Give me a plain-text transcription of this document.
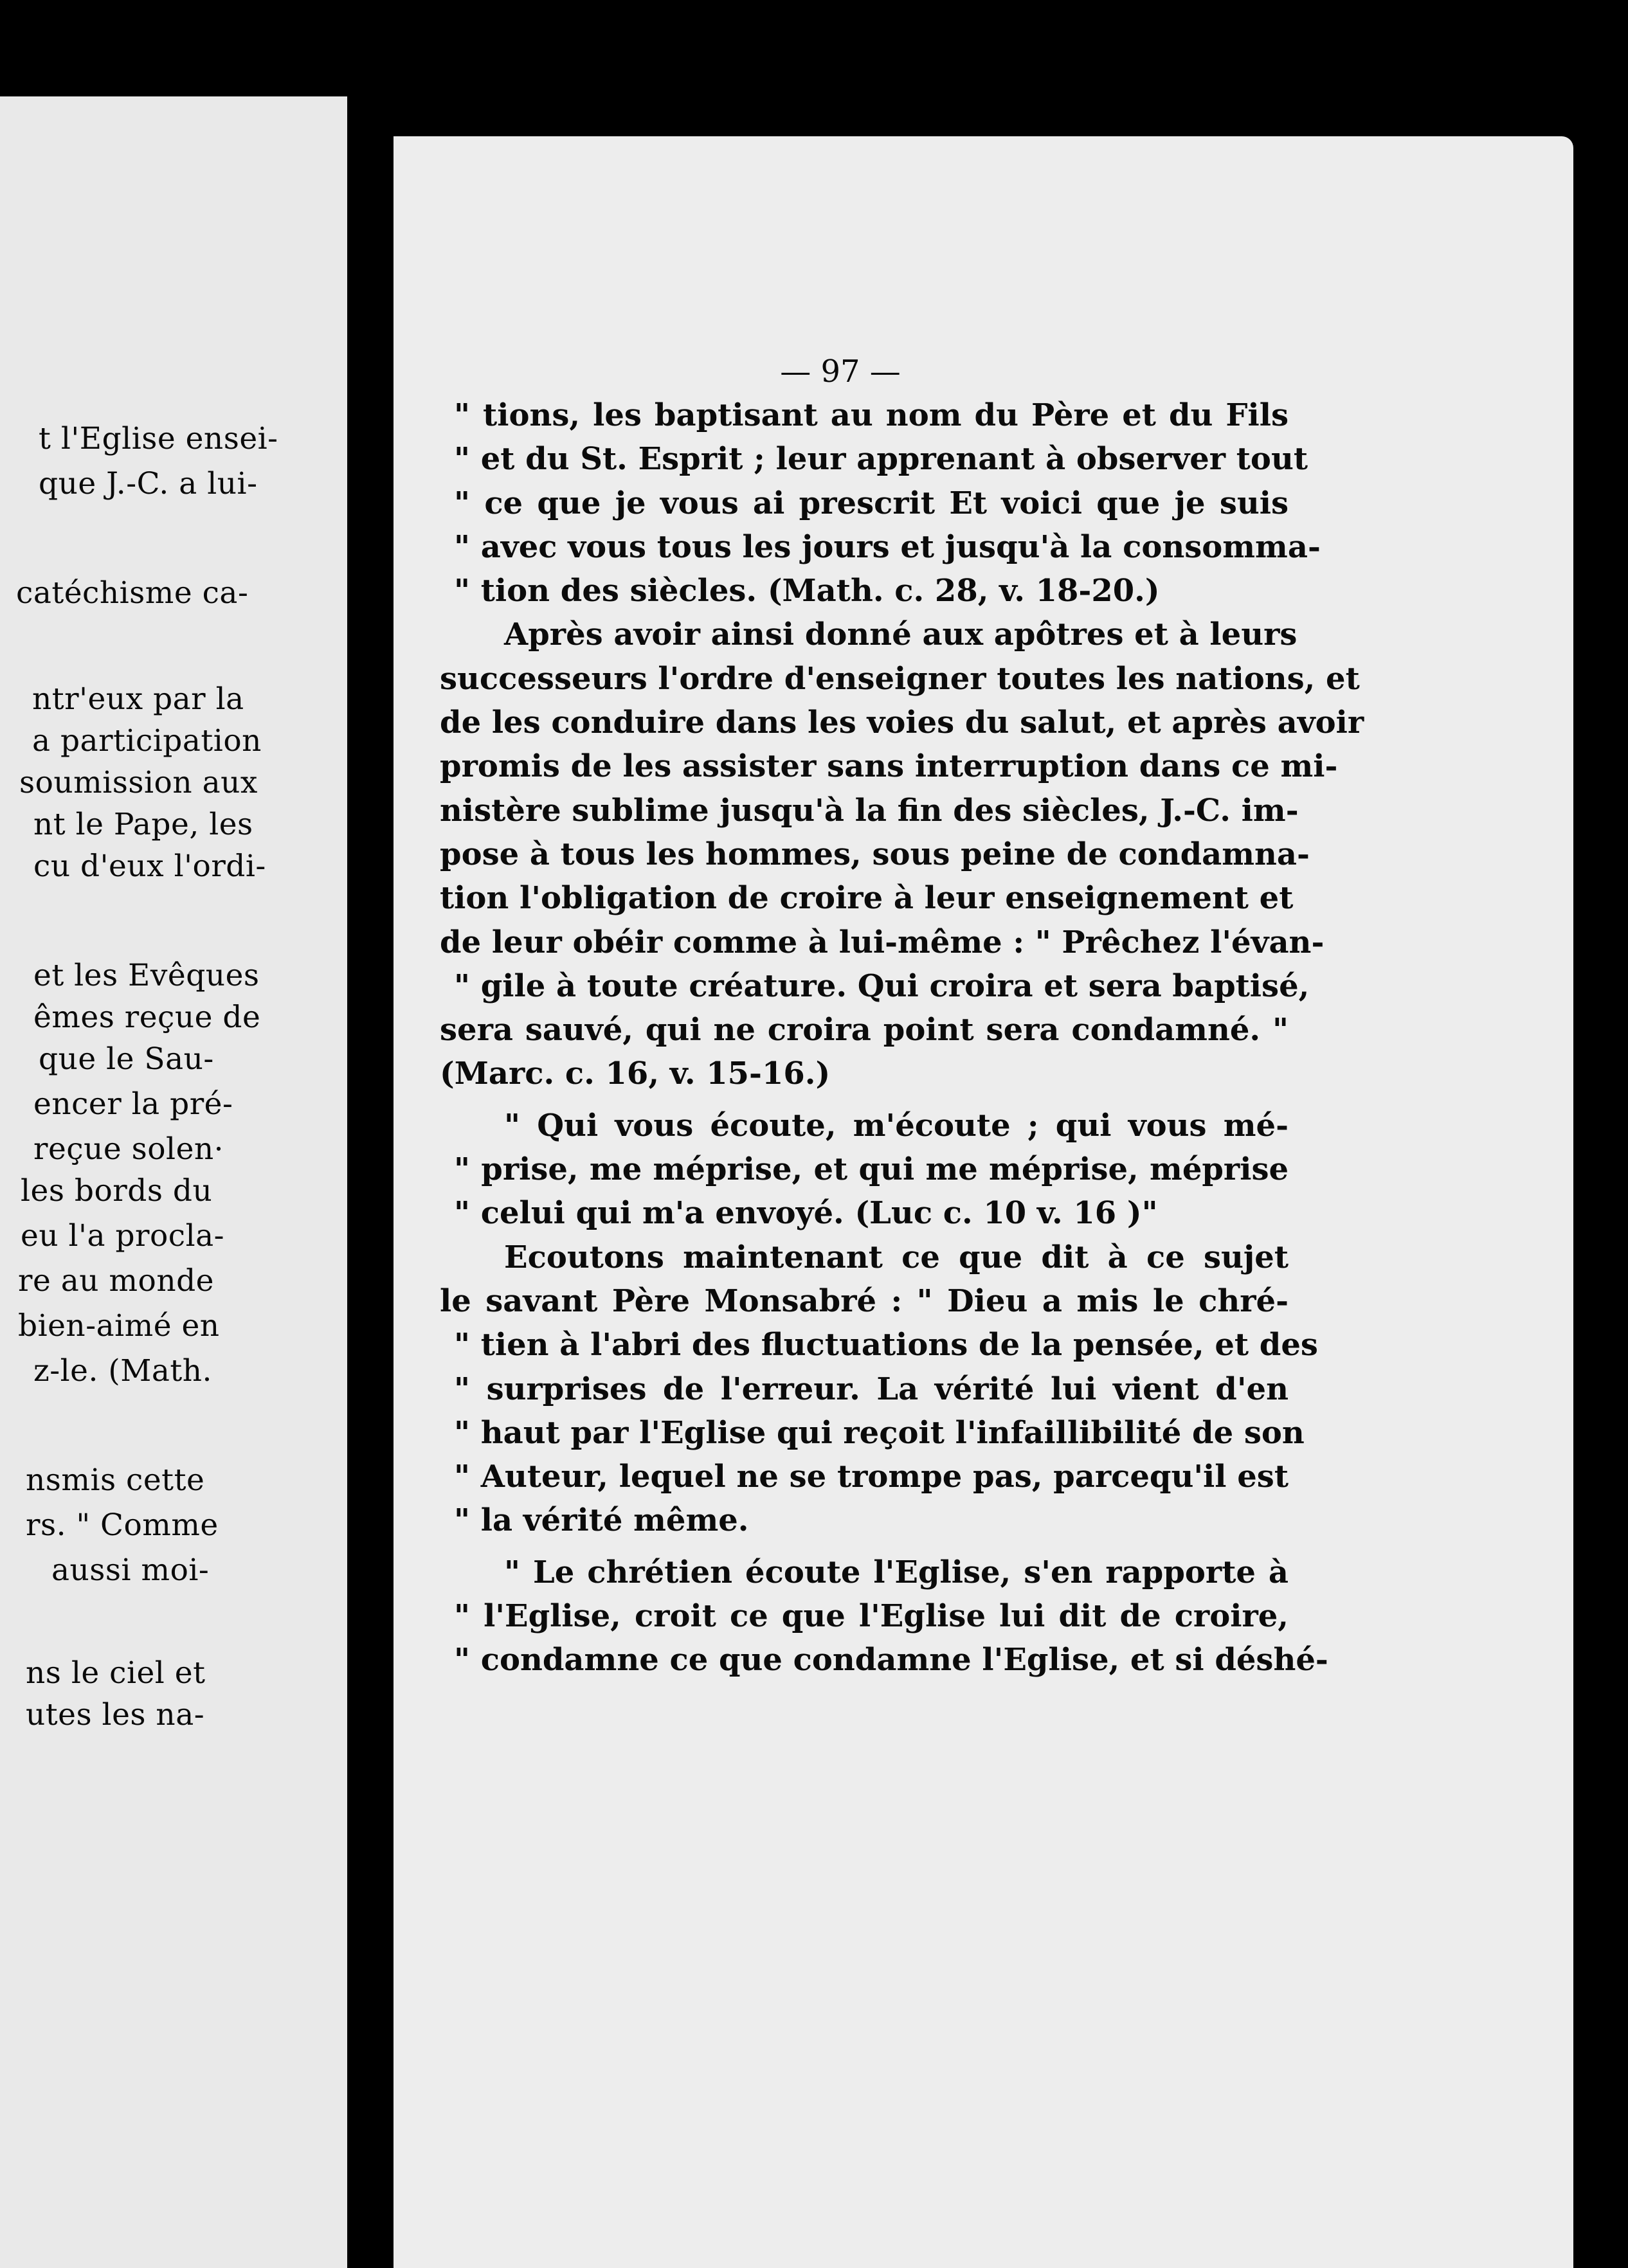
t l'Eglise ensei-
que J.-C. a lui-
catéchisme ca-
ntr'eux par la
a participation
soumission aux
nt le Pape, les
cu d'eux l'ordi-
et les Evêques
êmes reçue de
que le Sau-
encer la pré-
reçue solen·
les bords du
eu l'a procla-
re au monde
bien-aimé en
z-le. (Math.
nsmis cette
rs. " Comme
aussi moi-
ns le ciel et
utes les na-
— 97 —
" tions, les baptisant au nom du Père et du Fils
" et du St. Esprit ; leur apprenant à observer tout
" ce que je vous ai prescrit Et voici que je suis
" avec vous tous les jours et jusqu'à la consomma-
" tion des siècles. (Math. c. 28, v. 18-20.)
Après avoir ainsi donné aux apôtres et à leurs
successeurs l'ordre d'enseigner toutes les nations, et
de les conduire dans les voies du salut, et après avoir
promis de les assister sans interruption dans ce mi-
nistère sublime jusqu'à la fin des siècles, J.-C. im-
pose à tous les hommes, sous peine de condamna-
tion l'obligation de croire à leur enseignement et
de leur obéir comme à lui-même : " Prêchez l'évan-
" gile à toute créature. Qui croira et sera baptisé,
sera sauvé, qui ne croira point sera condamné. "
(Marc. c. 16, v. 15-16.)
" Qui vous écoute, m'écoute ; qui vous mé-
" prise, me méprise, et qui me méprise, méprise
" celui qui m'a envoyé. (Luc c. 10 v. 16 )"
Ecoutons maintenant ce que dit à ce sujet
le savant Père Monsabré : " Dieu a mis le chré-
" tien à l'abri des fluctuations de la pensée, et des
" surprises de l'erreur. La vérité lui vient d'en
" haut par l'Eglise qui reçoit l'infaillibilité de son
" Auteur, lequel ne se trompe pas, parcequ'il est
" la vérité même.
" Le chrétien écoute l'Eglise, s'en rapporte à
" l'Eglise, croit ce que l'Eglise lui dit de croire,
" condamne ce que condamne l'Eglise, et si déshé-
